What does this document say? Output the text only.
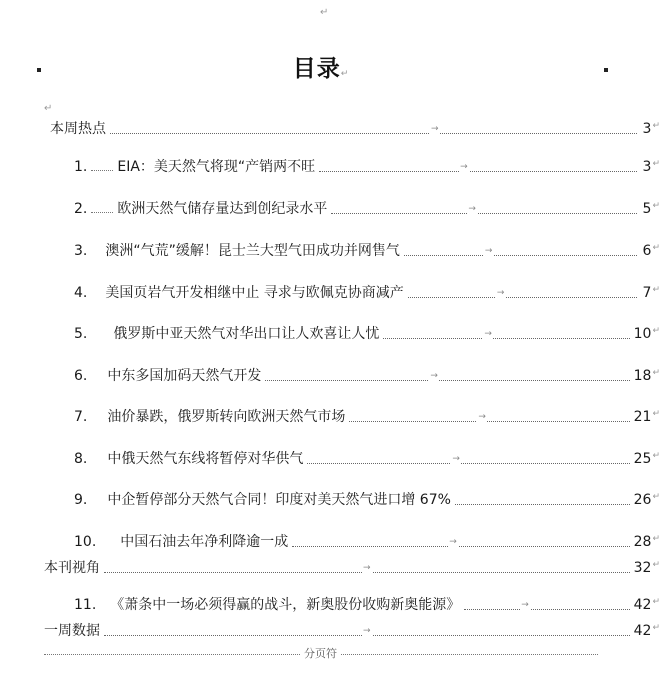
↵
目录↵
↵
本周热点	→	3 ↵
1. EIA：美天然气将现“产销两不旺	→	3 ↵
2. 欧洲天然气储存量达到创纪录水平	→	5 ↵
3. 澳洲“气荒”缓解！昆士兰大型气田成功并网售气	→	6 ↵
4. 美国页岩气开发相继中止 寻求与欧佩克协商减产	→	7 ↵
5. 俄罗斯中亚天然气对华出口让人欢喜让人忧	→	10 ↵
6. 中东多国加码天然气开发	→	18 ↵
7. 油价暴跌，俄罗斯转向欧洲天然气市场	→	21 ↵
8. 中俄天然气东线将暂停对华供气	→	25 ↵
9. 中企暂停部分天然气合同！印度对美天然气进口增 67%	26 ↵
10. 中国石油去年净利降逾一成	→	28 ↵
本刊视角	→	32 ↵
11. 《萧条中一场必须得赢的战斗，新奥股份收购新奥能源》	→	42 ↵
一周数据	→	42 ↵
分页符
